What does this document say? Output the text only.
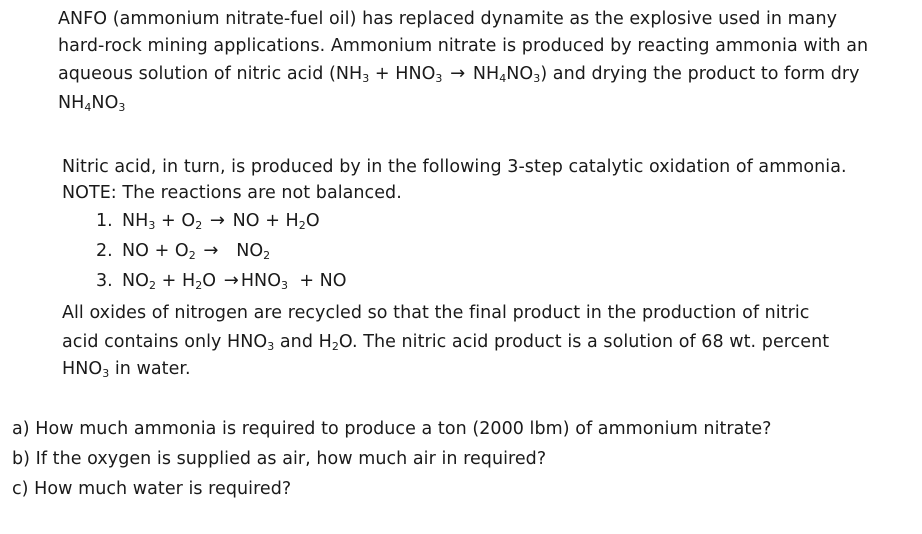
ANFO (ammonium nitrate-fuel oil) has replaced dynamite as the explosive used in many
hard-rock mining applications. Ammonium nitrate is produced by reacting ammonia with an
aqueous solution of nitric acid $(NH_3 + HNO_3 \to NH_4NO_3)$ and drying the product to form dry
$NH_4NO_3$
Nitric acid, in turn, is produced by in the following 3-step catalytic oxidation of ammonia.
NOTE: The reactions are not balanced.
1. $NH_3 + O_2$ → NO + $H_2O$
2. NO + $O_2 \to NO_2$
3. $NO_2 + H_2O \to HNO_3$  + NO
All oxides of nitrogen are recycled so that the final product in the production of nitric
acid contains only $HNO_3$ and $H_2O$. The nitric acid product is a solution of 68 wt. percent
$HNO_3$ in water.
a) How much ammonia is required to produce a ton (2000 lbm) of ammonium nitrate?
b) If the oxygen is supplied as air, how much air in required?
c) How much water is required?
